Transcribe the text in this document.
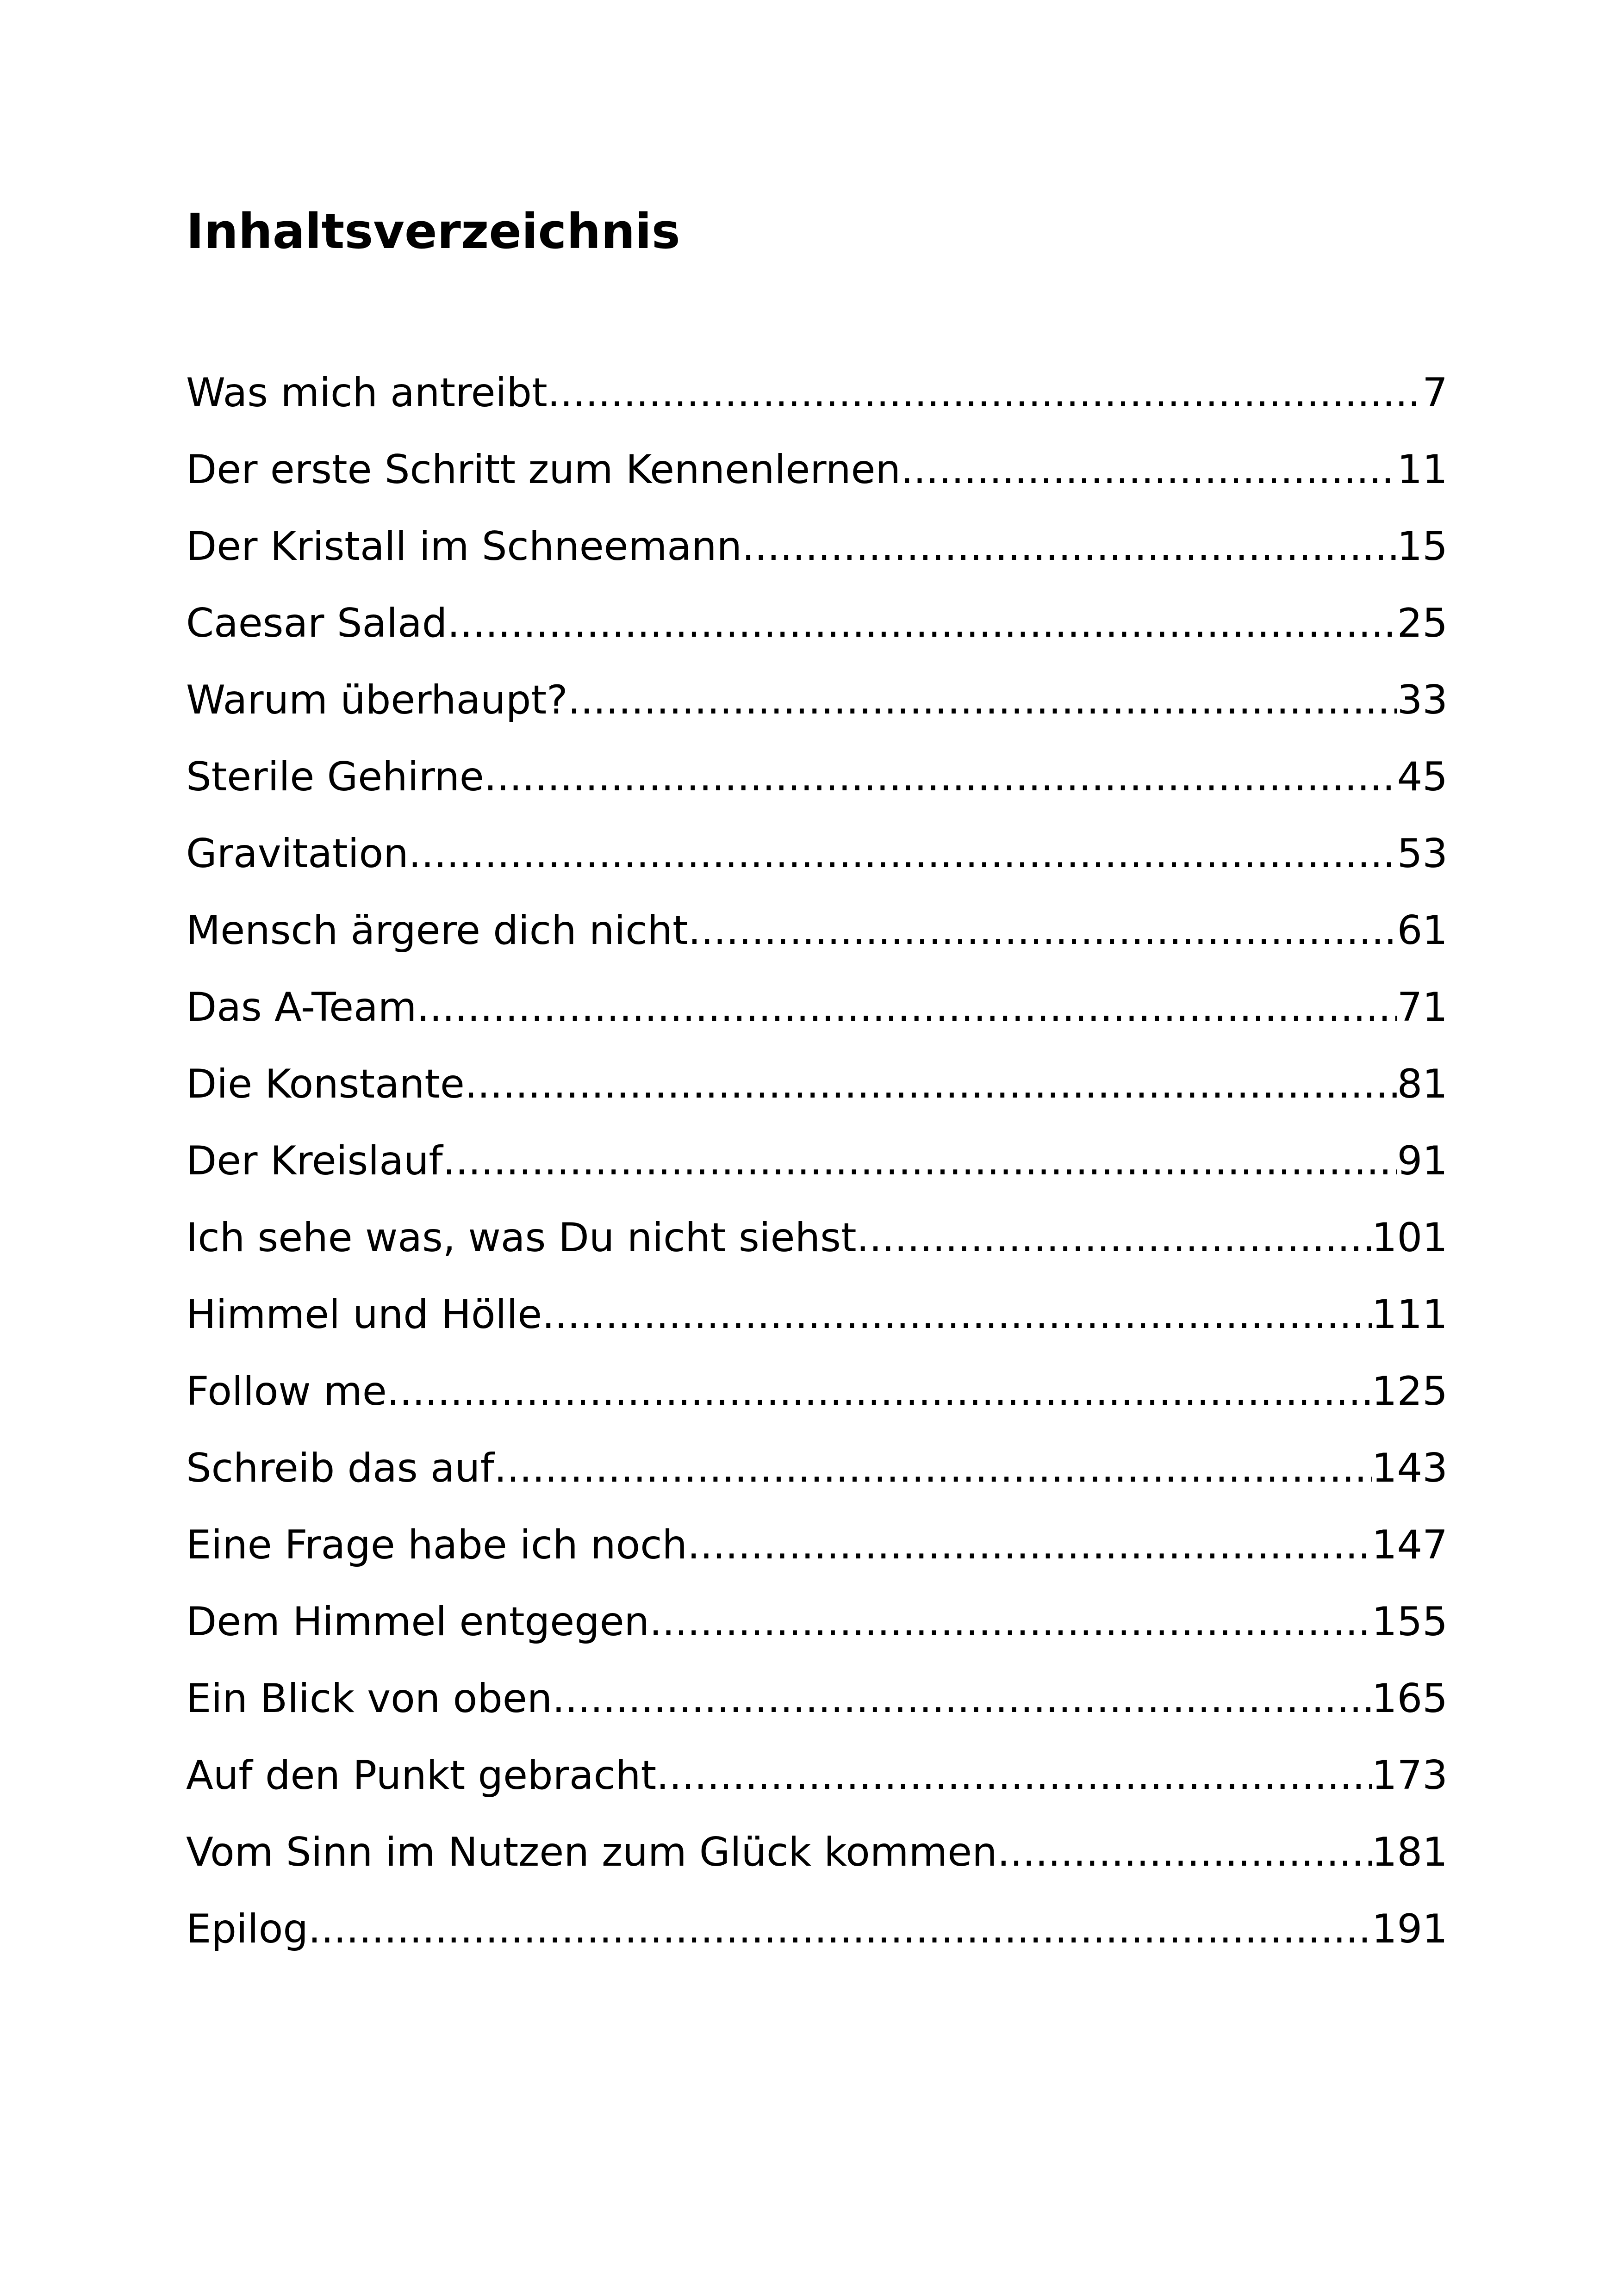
Inhaltsverzeichnis
Was mich antreibt .....	7
Der erste Schritt zum Kennenlernen .....	11
Der Kristall im Schneemann .....	15
Caesar Salad .....	25
Warum überhaupt? .....	33
Sterile Gehirne .....	45
Gravitation .....	53
Mensch ärgere dich nicht .....	61
Das A-Team .....	71
Die Konstante .....	81
Der Kreislauf .....	91
Ich sehe was, was Du nicht siehst .....	101
Himmel und Hölle .....	111
Follow me .....	125
Schreib das auf .....	143
Eine Frage habe ich noch .....	147
Dem Himmel entgegen .....	155
Ein Blick von oben .....	165
Auf den Punkt gebracht .....	173
Vom Sinn im Nutzen zum Glück kommen .....	181
Epilog .....	191
